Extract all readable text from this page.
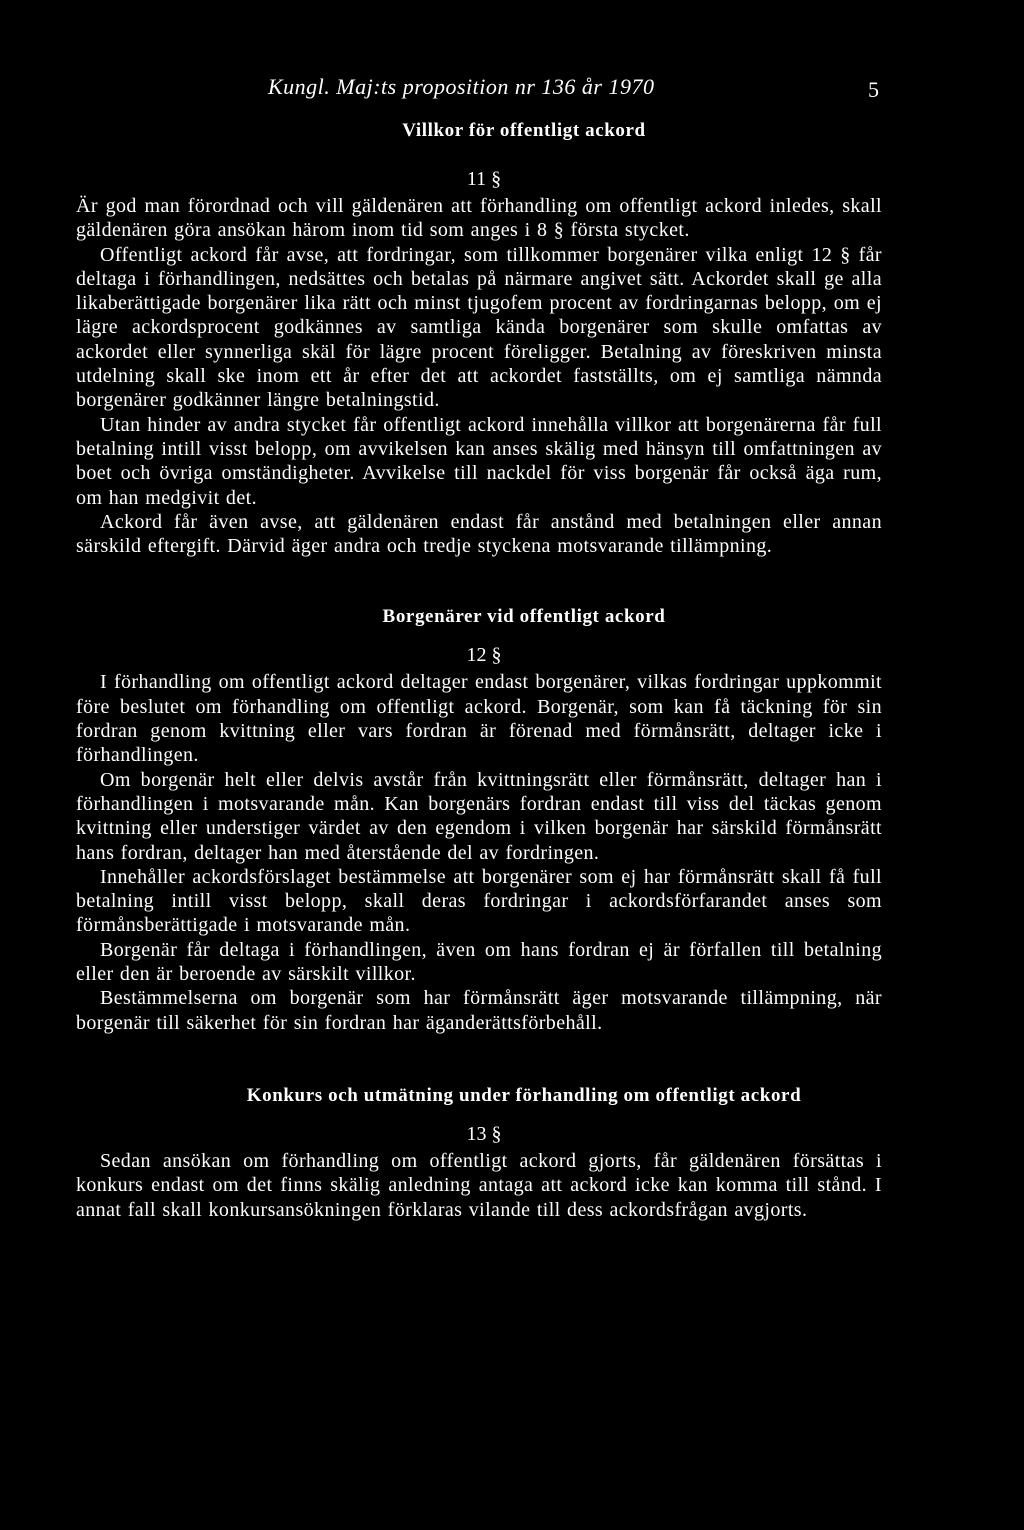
Kungl. Maj:ts proposition nr 136 år 1970	5
Villkor för offentligt ackord
11 §

Är god man förordnad och vill gäldenären att förhandling om offentligt ackord inledes, skall gäldenären göra ansökan härom inom tid som anges i 8 § första stycket.

Offentligt ackord får avse, att fordringar, som tillkommer borgenärer vilka enligt 12 § får deltaga i förhandlingen, nedsättes och betalas på närmare angivet sätt. Ackordet skall ge alla likaberättigade borgenärer lika rätt och minst tjugofem procent av fordringarnas belopp, om ej lägre ackordsprocent godkännes av samtliga kända borgenärer som skulle omfattas av ackordet eller synnerliga skäl för lägre procent föreligger. Betalning av föreskriven minsta utdelning skall ske inom ett år efter det att ackordet fastställts, om ej samtliga nämnda borgenärer godkänner längre betalningstid.

Utan hinder av andra stycket får offentligt ackord innehålla villkor att borgenärerna får full betalning intill visst belopp, om avvikelsen kan anses skälig med hänsyn till omfattningen av boet och övriga omständigheter. Avvikelse till nackdel för viss borgenär får också äga rum, om han medgivit det.

Ackord får även avse, att gäldenären endast får anstånd med betalningen eller annan särskild eftergift. Därvid äger andra och tredje styckena motsvarande tillämpning.

Borgenärer vid offentligt ackord
12 §

I förhandling om offentligt ackord deltager endast borgenärer, vilkas fordringar uppkommit före beslutet om förhandling om offentligt ackord. Borgenär, som kan få täckning för sin fordran genom kvittning eller vars fordran är förenad med förmånsrätt, deltager icke i förhandlingen.

Om borgenär helt eller delvis avstår från kvittningsrätt eller förmånsrätt, deltager han i förhandlingen i motsvarande mån. Kan borgenärs fordran endast till viss del täckas genom kvittning eller understiger värdet av den egendom i vilken borgenär har särskild förmånsrätt hans fordran, deltager han med återstående del av fordringen.

Innehåller ackordsförslaget bestämmelse att borgenärer som ej har förmånsrätt skall få full betalning intill visst belopp, skall deras fordringar i ackordsförfarandet anses som förmånsberättigade i motsvarande mån.

Borgenär får deltaga i förhandlingen, även om hans fordran ej är förfallen till betalning eller den är beroende av särskilt villkor.

Bestämmelserna om borgenär som har förmånsrätt äger motsvarande tillämpning, när borgenär till säkerhet för sin fordran har äganderättsförbehåll.

Konkurs och utmätning under förhandling om offentligt ackord
13 §

Sedan ansökan om förhandling om offentligt ackord gjorts, får gäldenären försättas i konkurs endast om det finns skälig anledning antaga att ackord icke kan komma till stånd. I annat fall skall konkursansökningen förklaras vilande till dess ackordsfrågan avgjorts.
